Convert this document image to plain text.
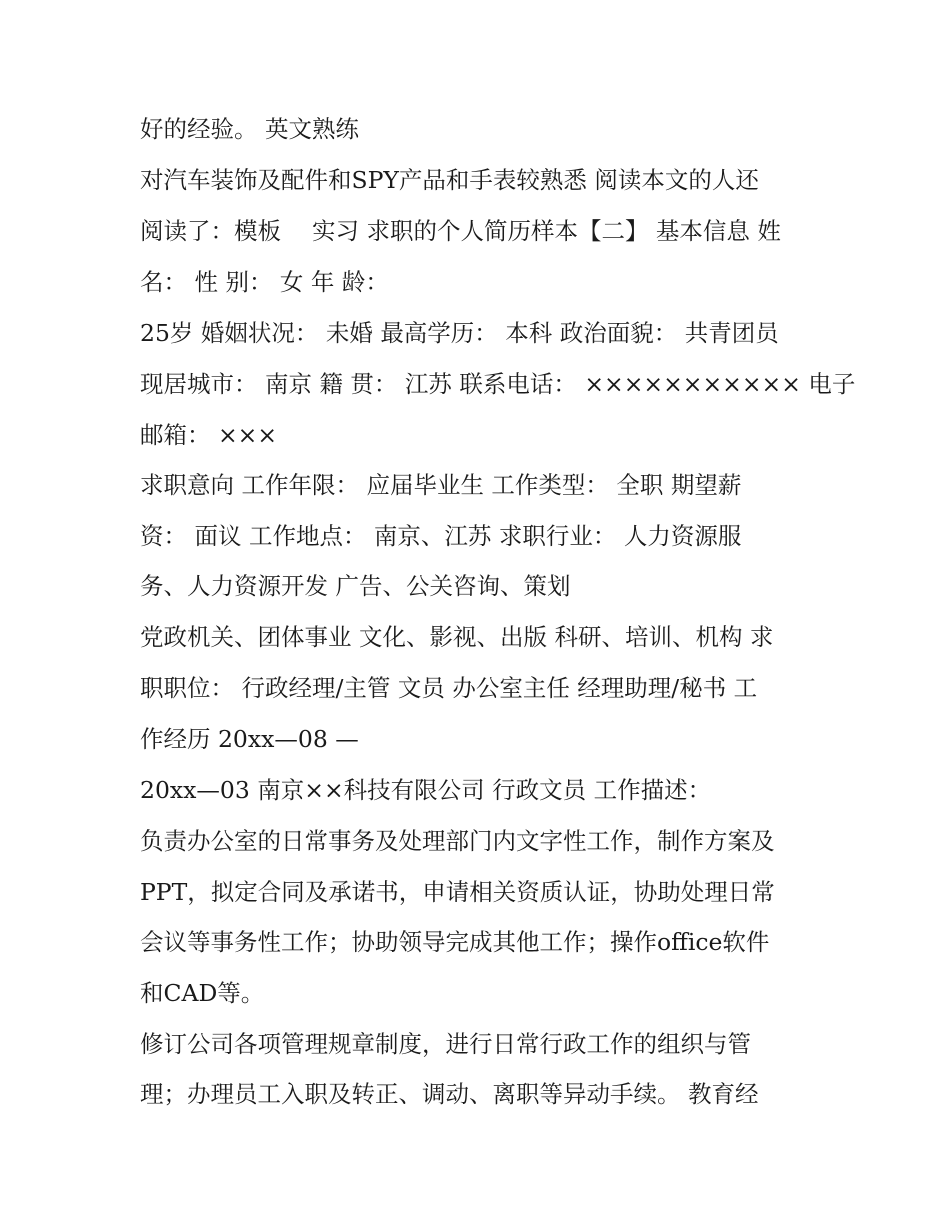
好的经验。 英文熟练
对汽车装饰及配件和SPY产品和手表较熟悉 阅读本文的人还
阅读了：模板 　实习 求职的个人简历样本【二】 基本信息 姓
名： 性 别： 女 年 龄：
25岁 婚姻状况： 未婚 最高学历： 本科 政治面貌： 共青团员
现居城市： 南京 籍 贯： 江苏 联系电话： ××××××××××× 电子
邮箱： ×××
求职意向 工作年限： 应届毕业生 工作类型： 全职 期望薪
资： 面议 工作地点： 南京、江苏 求职行业： 人力资源服
务、人力资源开发 广告、公关咨询、策划
党政机关、团体事业 文化、影视、出版 科研、培训、机构 求
职职位： 行政经理/主管 文员 办公室主任 经理助理/秘书 工
作经历 20xx—08 —
20xx—03 南京××科技有限公司 行政文员 工作描述：
负责办公室的日常事务及处理部门内文字性工作，制作方案及
PPT，拟定合同及承诺书，申请相关资质认证，协助处理日常
会议等事务性工作；协助领导完成其他工作；操作office软件
和CAD等。
修订公司各项管理规章制度，进行日常行政工作的组织与管
理；办理员工入职及转正、调动、离职等异动手续。 教育经
